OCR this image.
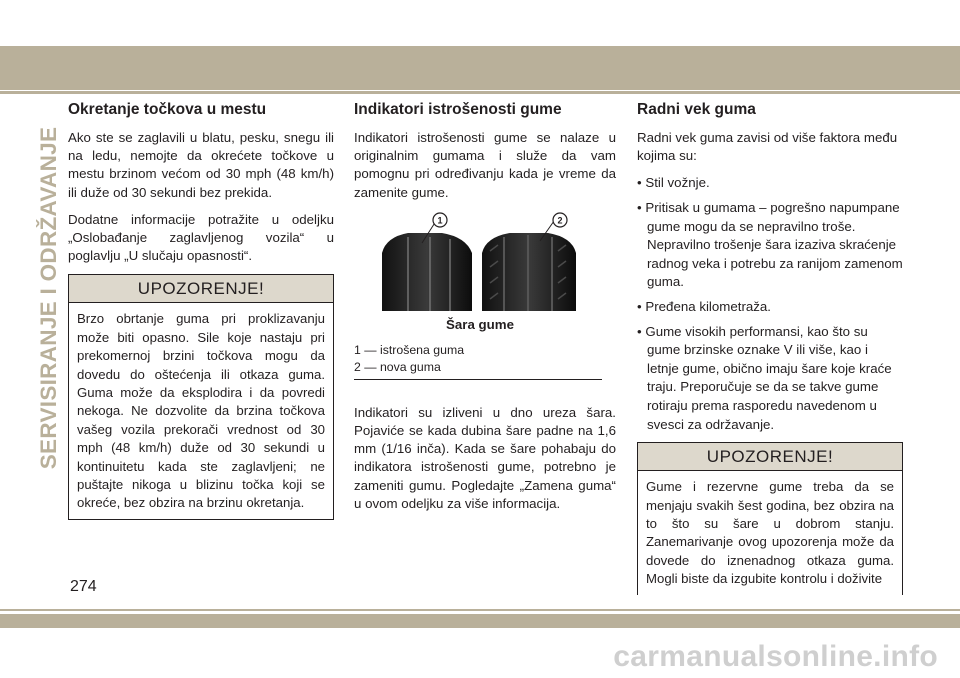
SERVISIRANJE I ODRŽAVANJE
Okretanje točkova u mestu

Ako ste se zaglavili u blatu, pesku, snegu ili na ledu, nemojte da okrećete točkove u mestu brzinom većom od 30 mph (48 km/h) ili duže od 30 sekundi bez prekida.

Dodatne informacije potražite u odeljku „Oslobađanje zaglavljenog vozila“ u poglavlju „U slučaju opasnosti“.

UPOZORENJE!
Brzo obrtanje guma pri proklizavanju može biti opasno. Sile koje nastaju pri prekomernoj brzini točkova mogu da dovedu do oštećenja ili otkaza guma. Guma može da eksplodira i da povredi nekoga. Ne dozvolite da brzina točkova vašeg vozila prekorači vrednost od 30 mph (48 km/h) duže od 30 sekundi u kontinuitetu kada ste zaglavljeni; ne puštajte nikoga u blizinu točka koji se okreće, bez obzira na brzinu okretanja.
Indikatori istrošenosti gume

Indikatori istrošenosti gume se nalaze u originalnim gumama i služe da vam pomognu pri određivanju kada je vreme da zamenite gume.

1	2
Šara gume
1 — istrošena guma
2 — nova guma

Indikatori su izliveni u dno ureza šara. Pojaviće se kada dubina šare padne na 1,6 mm (1/16 inča). Kada se šare pohabaju do indikatora istrošenosti gume, potrebno je zameniti gumu. Pogledajte „Zamena guma“ u ovom odeljku za više informacija.

Radni vek guma

Radni vek guma zavisi od više faktora među kojima su:

• Stil vožnje.
• Pritisak u gumama – pogrešno napumpane gume mogu da se nepravilno troše. Nepravilno trošenje šara izaziva skraćenje radnog veka i potrebu za ranijom zamenom guma.
• Pređena kilometraža.
• Gume visokih performansi, kao što su gume brzinske oznake V ili više, kao i letnje gume, obično imaju šare koje kraće traju. Preporučuje se da se takve gume rotiraju prema rasporedu navedenom u svesci za održavanje.
UPOZORENJE!
Gume i rezervne gume treba da se menjaju svakih šest godina, bez obzira na to što su šare u dobrom stanju. Zanemarivanje ovog upozorenja može da dovede do iznenadnog otkaza guma. Mogli biste da izgubite kontrolu i doživite
274
carmanualsonline.info
